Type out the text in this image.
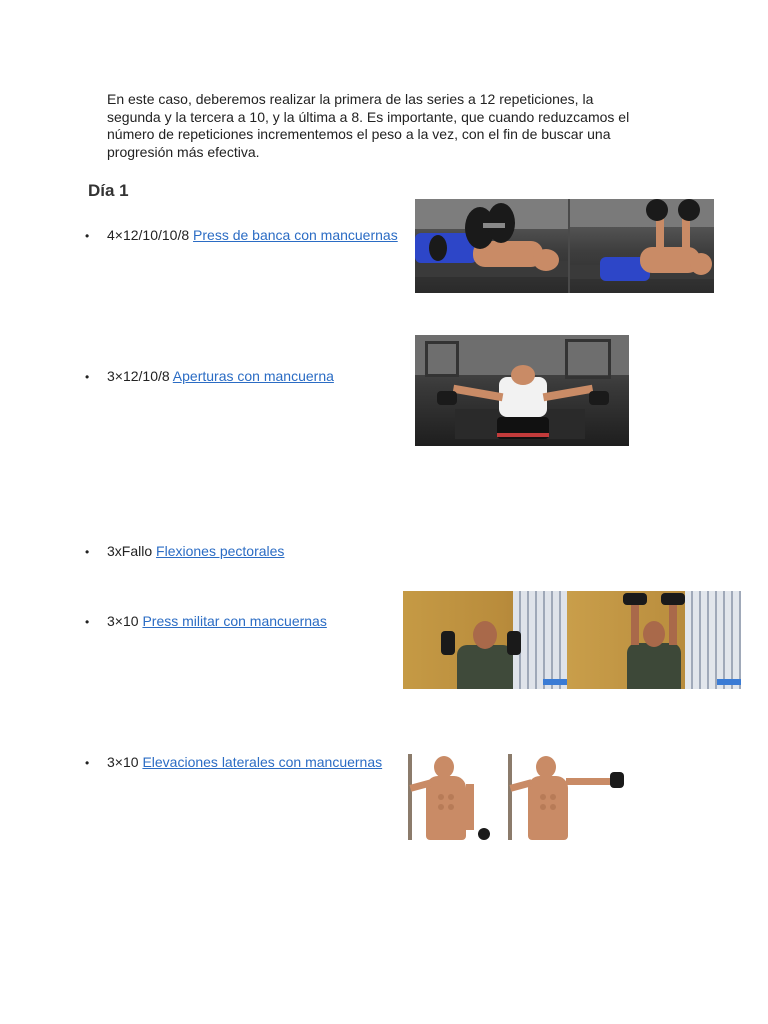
En este caso, deberemos realizar la primera de las series a 12 repeticiones, la
segunda y la tercera a 10, y la última a 8. Es importante, que cuando reduzcamos el
número de repeticiones incrementemos el peso a la vez, con el fin de buscar una
progresión más efectiva.
Día 1
• 4×12/10/10/8 Press de banca con mancuernas
• 3×12/10/8 Aperturas con mancuerna
• 3xFallo Flexiones pectorales
• 3×10 Press militar con mancuernas
• 3×10 Elevaciones laterales con mancuernas
